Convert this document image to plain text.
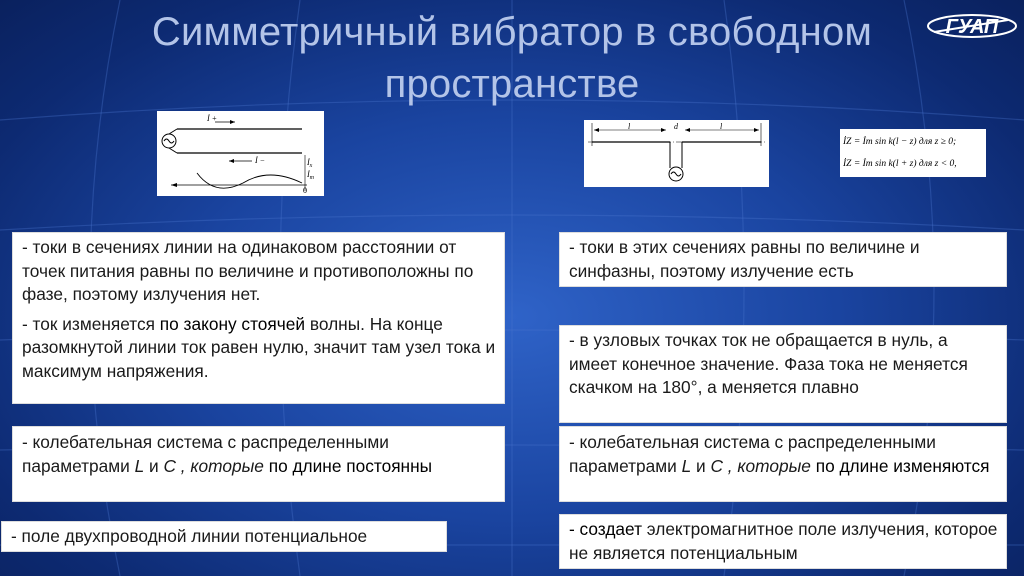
Симметричный вибратор в свободном
пространстве
ГУАП
İ +
İ −	$İ_x$
$İ_m$
0
l	d	l
İZ = İm sin k(l − z) для z ≥ 0;
İZ = İm sin k(l + z) для z < 0,

- токи в сечениях линии на одинаковом расстоянии от точек питания равны по величине и противоположны по фазе, поэтому излучения нет.

- ток изменяется по закону стоячей волны. На конце разомкнутой линии ток равен нулю, значит там узел тока и максимум напряжения.

- колебательная система с распределенными параметрами L и C , которые по длине постоянны

- поле двухпроводной линии потенциальное

- токи в этих сечениях равны по величине и синфазны, поэтому излучение есть

- в узловых точках ток не обращается в нуль, а имеет конечное значение. Фаза тока не меняется скачком на 180°, а меняется плавно

- колебательная система с распределенными параметрами L и C , которые по длине изменяются

- создает электромагнитное поле излучения, которое не является потенциальным
